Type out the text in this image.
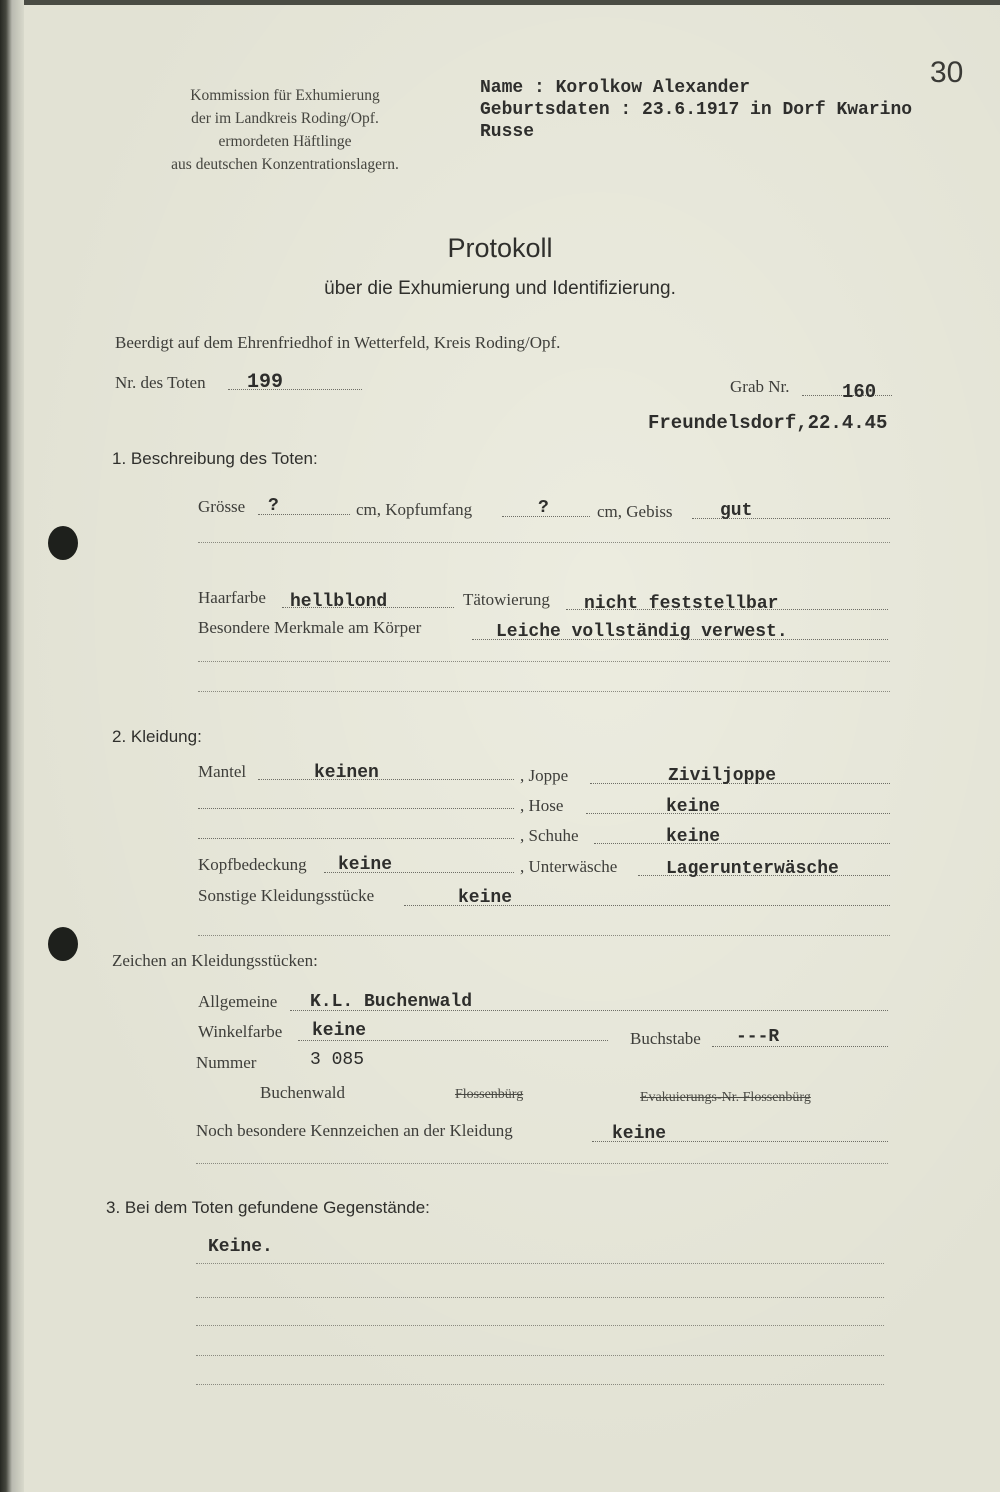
30
Kommission für Exhumierung
der im Landkreis Roding/Opf.
ermordeten Häftlinge
aus deutschen Konzentrationslagern.
Name : Korolkow Alexander
Geburtsdaten : 23.6.1917 in Dorf Kwarino
Russe
Protokoll
über die Exhumierung und Identifizierung.
Beerdigt auf dem Ehrenfriedhof in Wetterfeld, Kreis Roding/Opf.
Nr. des Toten 199	Grab Nr.	160
Freundelsdorf,22.4.45
1. Beschreibung des Toten:
Grösse ?	cm, Kopfumfang	?	cm, Gebiss	gut
Haarfarbe hellblond	Tätowierung nicht feststellbar
Besondere Merkmale am Körper	Leiche vollständig verwest.
2. Kleidung:
Mantel	keinen	, Joppe	Ziviljoppe
, Hose	keine
, Schuhe	keine
Kopfbedeckung keine	, Unterwäsche	Lagerunterwäsche
Sonstige Kleidungsstücke	keine
Zeichen an Kleidungsstücken:
Allgemeine K.L. Buchenwald
Winkelfarbe keine	Buchstabe ---R
Nummer	3 085
Buchenwald	Flossenbürg	Evakuierungs-Nr. Flossenbürg
Noch besondere Kennzeichen an der Kleidung	keine
3. Bei dem Toten gefundene Gegenstände:
Keine.
